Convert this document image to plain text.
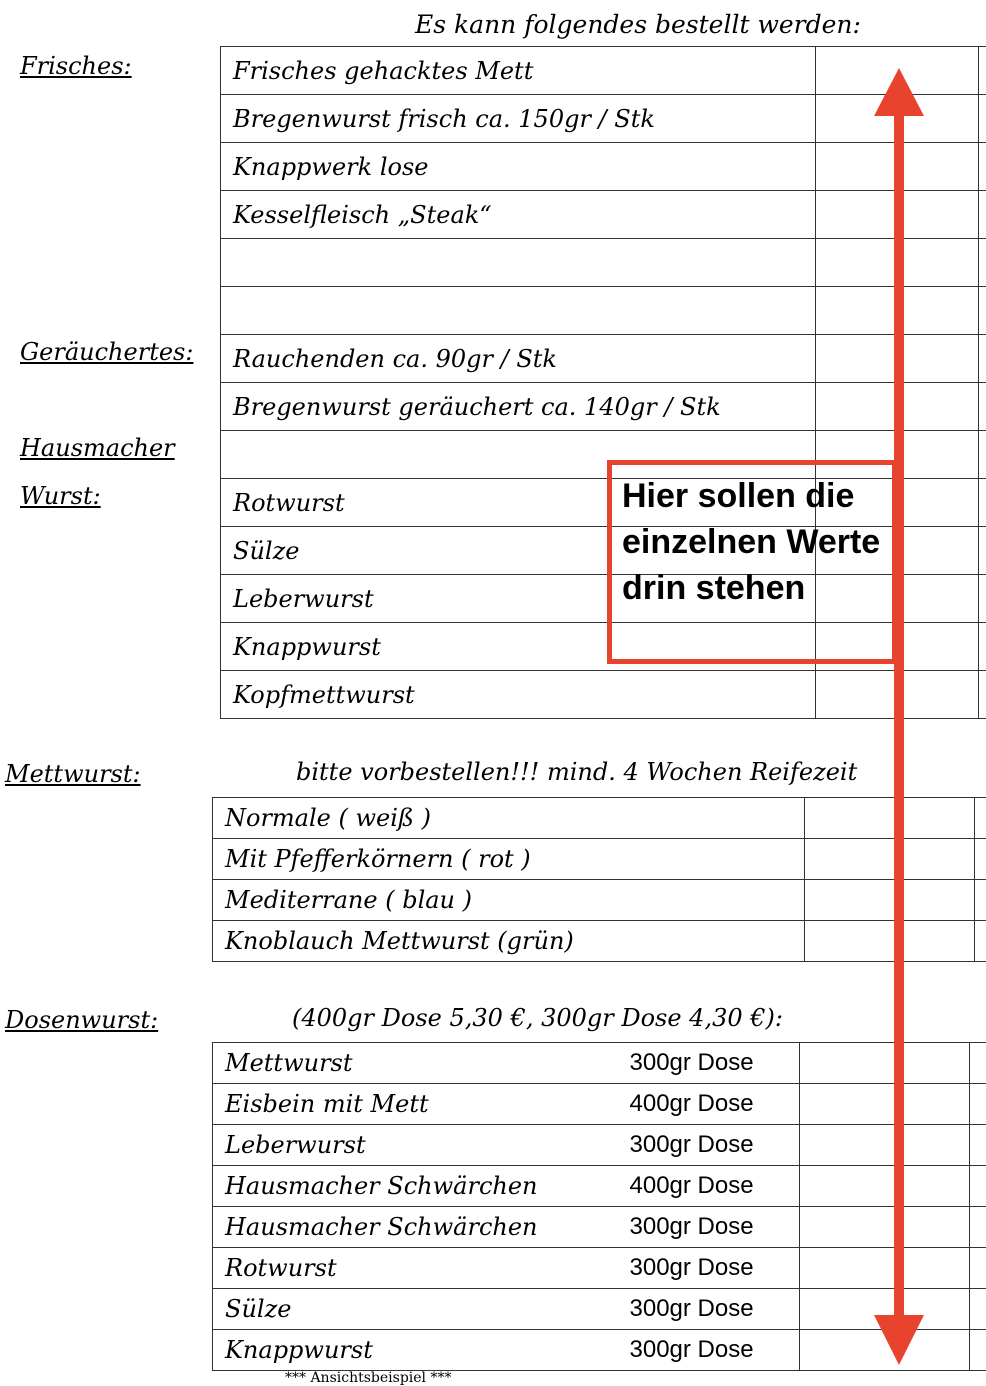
Es kann folgendes bestellt werden:
Frisches:
Geräuchertes:
Hausmacher
Wurst:
Mettwurst:
Dosenwurst:
bitte vorbestellen!!! mind. 4 Wochen Reifezeit
(400gr Dose 5,30 €, 300gr Dose 4,30 €):
Frisches gehacktes Mett		
Bregenwurst frisch ca. 150gr / Stk		
Knappwerk lose		
Kesselfleisch „Steak“		

Rauchenden ca. 90gr / Stk		
Bregenwurst geräuchert ca. 140gr / Stk		

Rotwurst		
Sülze		
Leberwurst		
Knappwurst		
Kopfmettwurst		
Normale ( weiß )		
Mit Pfefferkörnern ( rot )		
Mediterrane ( blau )		
Knoblauch Mettwurst (grün)		
Mettwurst	300gr Dose		
Eisbein mit Mett	400gr Dose		
Leberwurst	300gr Dose		
Hausmacher Schwärchen	400gr Dose		
Hausmacher Schwärchen	300gr Dose		
Rotwurst	300gr Dose		
Sülze	300gr Dose		
Knappwurst	300gr Dose		
Hier sollen die einzelnen Werte drin stehen
*** Ansichtsbeispiel ***
